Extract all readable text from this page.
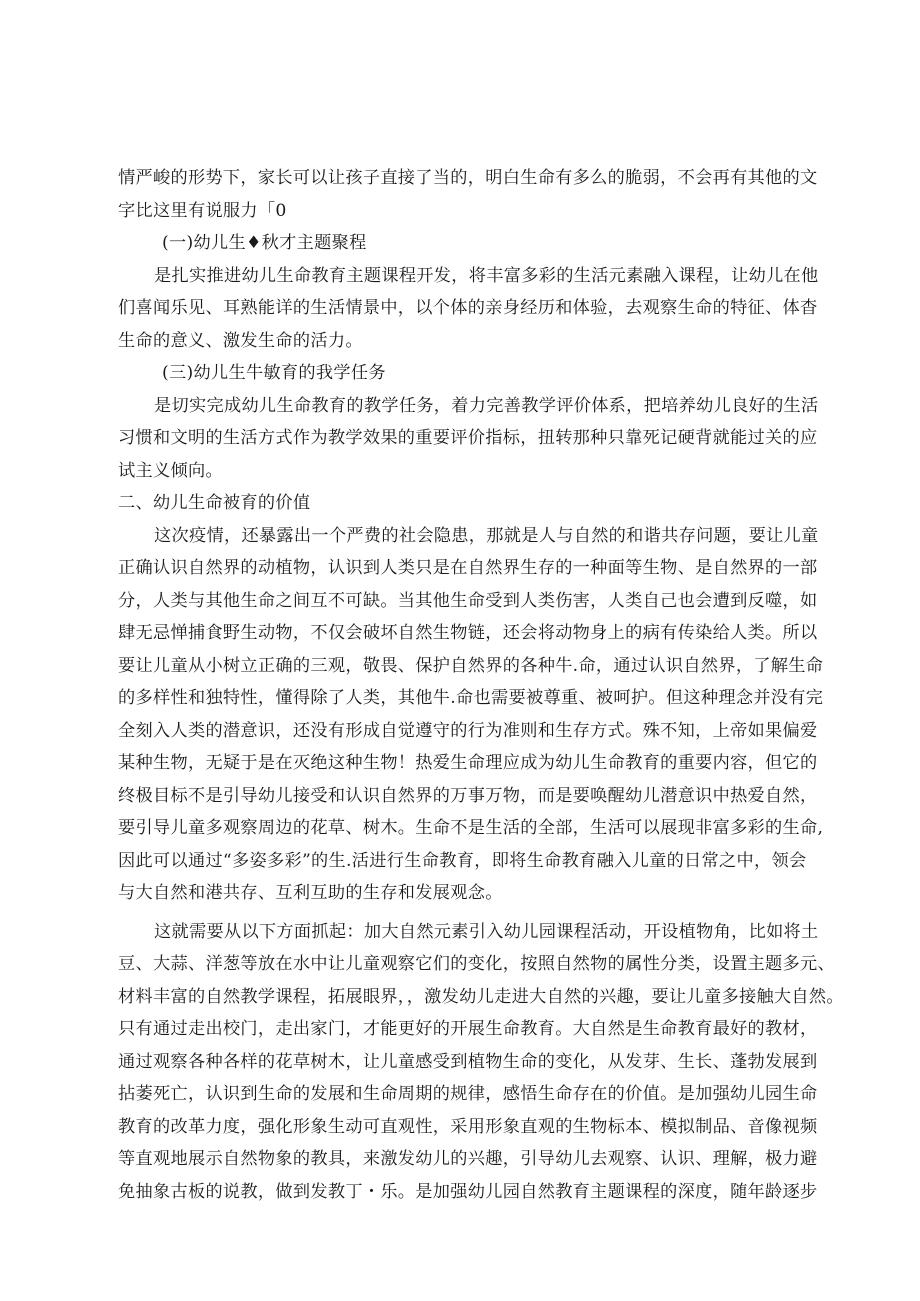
情严峻的形势下，家长可以让孩子直接了当的，明白生命有多么的脆弱，不会再有其他的文
字比这里有说服力「0
(一)幼儿生♦秋才主题聚程
是扎实推进幼儿生命教育主题课程开发，将丰富多彩的生活元素融入课程，让幼儿在他
们喜闻乐见、耳熟能详的生活情景中，以个体的亲身经历和体验，去观察生命的特征、体杳
生命的意义、激发生命的活力。
(三)幼儿生牛敏育的我学任务
是切实完成幼儿生命教育的教学任务，着力完善教学评价体系，把培养幼儿良好的生活
习惯和文明的生活方式作为教学效果的重要评价指标，扭转那种只靠死记硬背就能过关的应
试主义倾向。
二、幼儿生命被育的价值
这次疫情，还暴露出一个严费的社会隐患，那就是人与自然的和谐共存问题，要让儿童
正确认识自然界的动植物，认识到人类只是在自然界生存的一种面等生物、是自然界的一部
分，人类与其他生命之间互不可缺。当其他生命受到人类伤害，人类自己也会遭到反噬，如
肆无忌惮捕食野生动物，不仅会破坏自然生物链，还会将动物身上的病有传染给人类。所以
要让儿童从小树立正确的三观，敬畏、保护自然界的各种牛.命，通过认识自然界，了解生命
的多样性和独特性，懂得除了人类，其他牛.命也需要被尊重、被呵护。但这种理念并没有完
全刻入人类的潜意识，还没有形成自觉遵守的行为准则和生存方式。殊不知，上帝如果偏爱
某种生物，无疑于是在灭绝这种生物！热爱生命理应成为幼儿生命教育的重要内容，但它的
终极目标不是引导幼儿接受和认识自然界的万事万物，而是要唤醒幼儿潜意识中热爱自然，
要引导儿童多观察周边的花草、树木。生命不是生活的全部，生活可以展现非富多彩的生命,
因此可以通过“多姿多彩”的生.活进行生命教育，即将生命教育融入儿童的日常之中，领会
与大自然和港共存、互利互助的生存和发展观念。
这就需要从以下方面抓起：加大自然元素引入幼儿园课程活动，开设植物角，比如将土
豆、大蒜、洋葱等放在水中让儿童观察它们的变化，按照自然物的属性分类，设置主题多元、
材料丰富的自然教学课程，拓展眼界，，激发幼儿走进大自然的兴趣，要让儿童多接触大自然。
只有通过走出校门，走出家门，才能更好的开展生命教育。大自然是生命教育最好的教材，
通过观察各种各样的花草树木，让儿童感受到植物生命的变化，从发芽、生长、蓬勃发展到
拈萎死亡，认识到生命的发展和生命周期的规律，感悟生命存在的价值。是加强幼儿园生命
教育的改革力度，强化形象生动可直观性，采用形象直观的生物标本、模拟制品、音像视频
等直观地展示自然物象的教具，来激发幼儿的兴趣，引导幼儿去观察、认识、理解，极力避
免抽象古板的说教，做到发教丁・乐。是加强幼儿园自然教育主题课程的深度，随年龄逐步
